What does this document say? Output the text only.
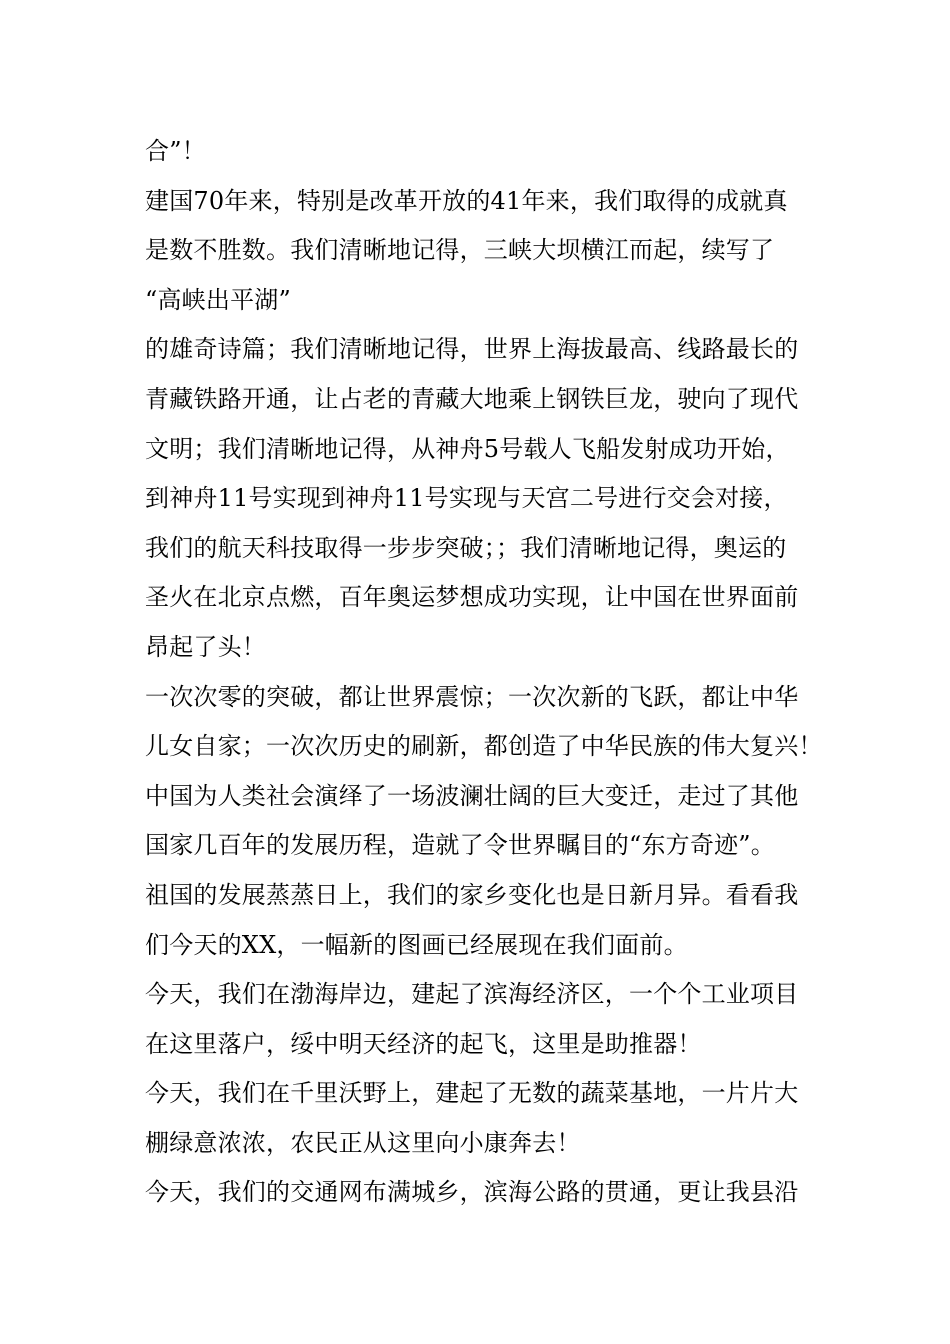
合”！
建国70年来，特别是改革开放的41年来，我们取得的成就真
是数不胜数。我们清晰地记得，三峡大坝横江而起，续写了
“高峡出平湖”
的雄奇诗篇；我们清晰地记得，世界上海拔最高、线路最长的
青藏铁路开通，让占老的青藏大地乘上钢铁巨龙，驶向了现代
文明；我们清晰地记得，从神舟5号载人飞船发射成功开始，
到神舟11号实现到神舟11号实现与天宫二号进行交会对接，
我们的航天科技取得一步步突破；；我们清晰地记得，奥运的
圣火在北京点燃，百年奥运梦想成功实现，让中国在世界面前
昂起了头！
一次次零的突破，都让世界震惊；一次次新的飞跃，都让中华
儿女自家；一次次历史的刷新，都创造了中华民族的伟大复兴！
中国为人类社会演绎了一场波澜壮阔的巨大变迁，走过了其他
国家几百年的发展历程，造就了令世界瞩目的“东方奇迹”。
祖国的发展蒸蒸日上，我们的家乡变化也是日新月异。看看我
们今天的XX，一幅新的图画已经展现在我们面前。
今天，我们在渤海岸边，建起了滨海经济区，一个个工业项目
在这里落户，绥中明天经济的起飞，这里是助推器！
今天，我们在千里沃野上，建起了无数的蔬菜基地，一片片大
棚绿意浓浓，农民正从这里向小康奔去！
今天，我们的交通网布满城乡，滨海公路的贯通，更让我县沿
